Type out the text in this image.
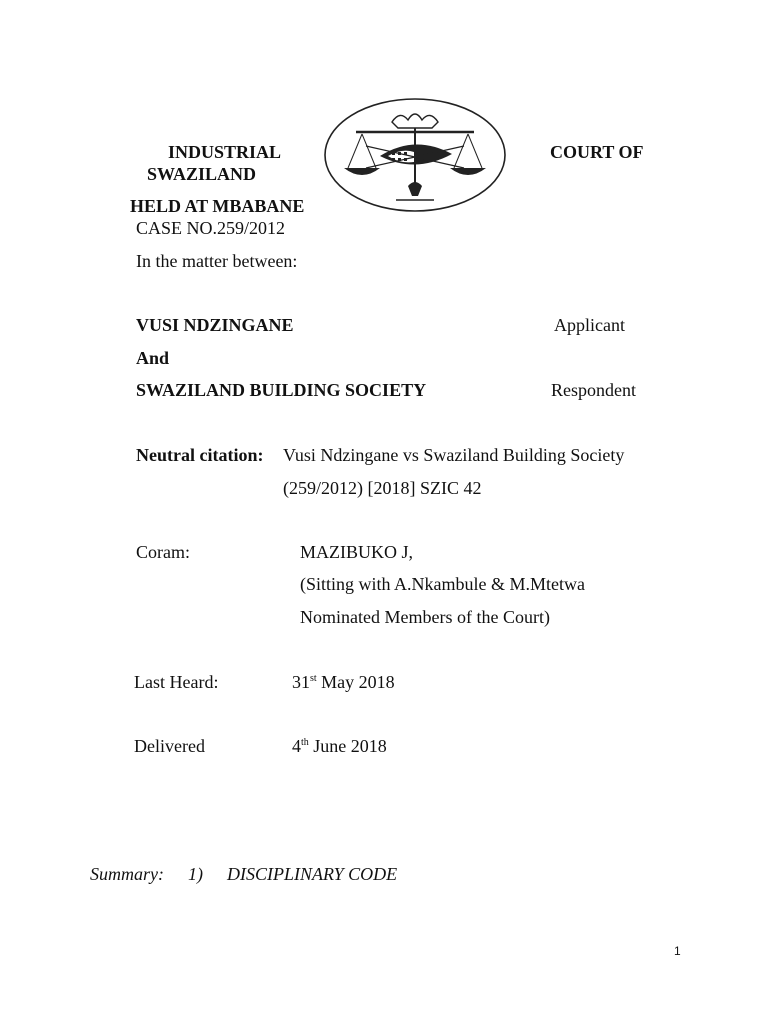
INDUSTRIAL
SWAZILAND
COURT OF
HELD AT MBABANE
CASE NO.259/2012
In the matter between:
VUSI NDZINGANE	Applicant
And
SWAZILAND BUILDING SOCIETY	Respondent
Neutral citation: Vusi Ndzingane vs Swaziland Building Society
(259/2012) [2018] SZIC 42
Coram:	MAZIBUKO J,
(Sitting with A.Nkambule & M.Mtetwa
Nominated Members of the Court)
Last Heard:	31st May 2018
Delivered	4th June 2018
Summary: 1) DISCIPLINARY CODE
1
